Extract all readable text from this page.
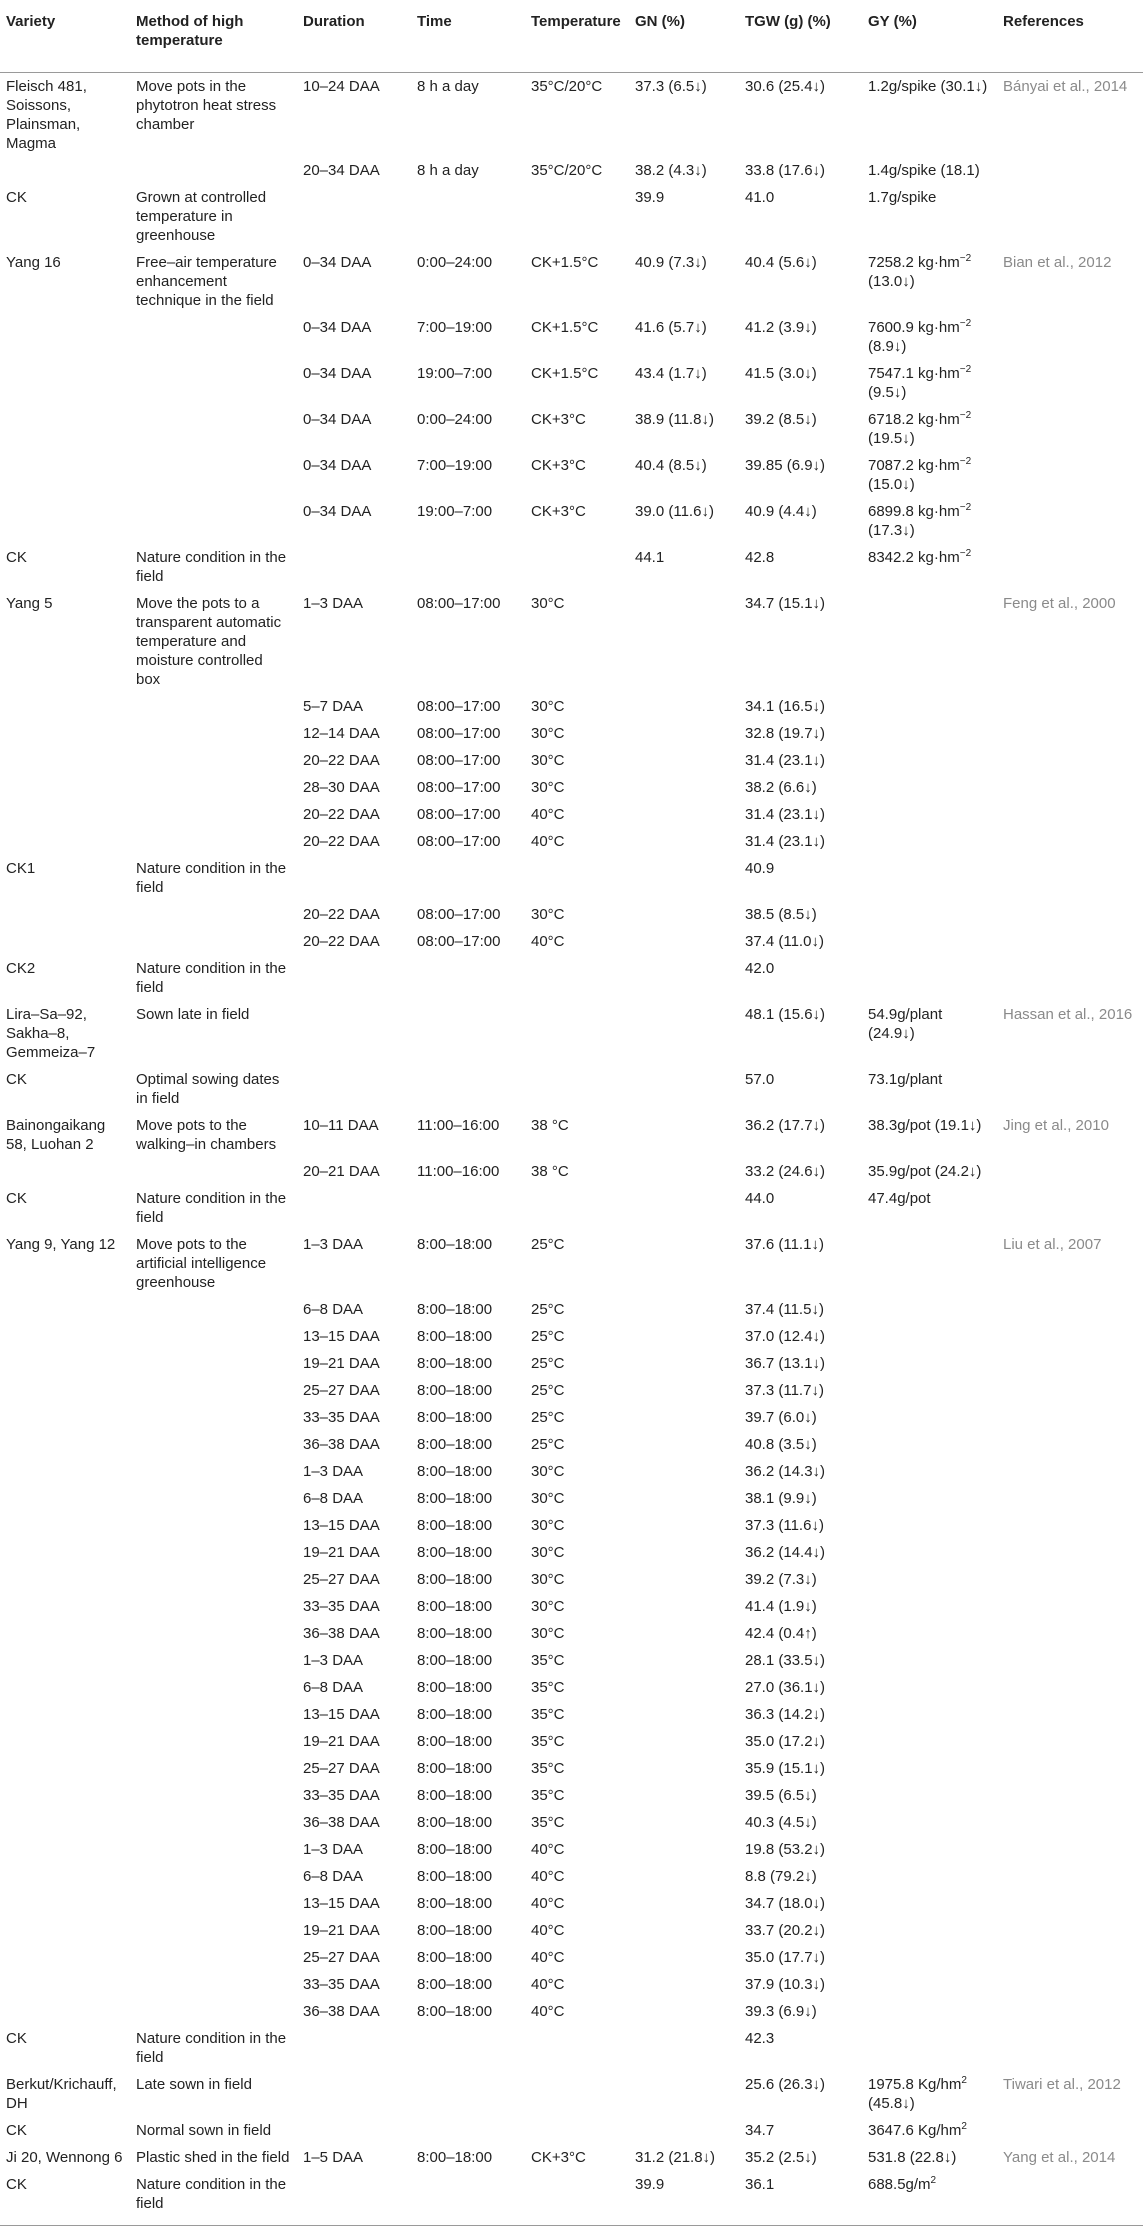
Variety	Method of high temperature	Duration	Time	Temperature	GN (%)	TGW (g) (%)	GY (%)	References
Fleisch 481, Soissons, Plainsman, Magma	Move pots in the phytotron heat stress chamber	10–24 DAA	8 h a day	35°C/20°C	37.3 (6.5↓)	30.6 (25.4↓)	1.2g/spike (30.1↓)	Bányai et al., 2014
		20–34 DAA	8 h a day	35°C/20°C	38.2 (4.3↓)	33.8 (17.6↓)	1.4g/spike (18.1)	
CK	Grown at controlled temperature in greenhouse				39.9	41.0	1.7g/spike	
Yang 16	Free–air temperature enhancement technique in the field	0–34 DAA	0:00–24:00	CK+1.5°C	40.9 (7.3↓)	40.4 (5.6↓)	7258.2 $kg\cdot hm^{-2}$ (13.0↓)	Bian et al., 2012
		0–34 DAA	7:00–19:00	CK+1.5°C	41.6 (5.7↓)	41.2 (3.9↓)	7600.9 $kg\cdot hm^{-2}$ (8.9↓)	
		0–34 DAA	19:00–7:00	CK+1.5°C	43.4 (1.7↓)	41.5 (3.0↓)	7547.1 $kg\cdot hm^{-2}$ (9.5↓)	
		0–34 DAA	0:00–24:00	CK+3°C	38.9 (11.8↓)	39.2 (8.5↓)	6718.2 $kg\cdot hm^{-2}$ (19.5↓)	
		0–34 DAA	7:00–19:00	CK+3°C	40.4 (8.5↓)	39.85 (6.9↓)	7087.2 $kg\cdot hm^{-2}$ (15.0↓)	
		0–34 DAA	19:00–7:00	CK+3°C	39.0 (11.6↓)	40.9 (4.4↓)	6899.8 $kg\cdot hm^{-2}$ (17.3↓)	
CK	Nature condition in the field				44.1	42.8	8342.2 $kg\cdot hm^{-2}$	
Yang 5	Move the pots to a transparent automatic temperature and moisture controlled box	1–3 DAA	08:00–17:00	30°C		34.7 (15.1↓)		Feng et al., 2000
		5–7 DAA	08:00–17:00	30°C		34.1 (16.5↓)		
		12–14 DAA	08:00–17:00	30°C		32.8 (19.7↓)		
		20–22 DAA	08:00–17:00	30°C		31.4 (23.1↓)		
		28–30 DAA	08:00–17:00	30°C		38.2 (6.6↓)		
		20–22 DAA	08:00–17:00	40°C		31.4 (23.1↓)		
		20–22 DAA	08:00–17:00	40°C		31.4 (23.1↓)		
CK1	Nature condition in the field					40.9		
		20–22 DAA	08:00–17:00	30°C		38.5 (8.5↓)		
		20–22 DAA	08:00–17:00	40°C		37.4 (11.0↓)		
CK2	Nature condition in the field					42.0		
Lira–Sa–92, Sakha–8, Gemmeiza–7	Sown late in field					48.1 (15.6↓)	54.9g/plant (24.9↓)	Hassan et al., 2016
CK	Optimal sowing dates in field					57.0	73.1g/plant	
Bainongaikang 58, Luohan 2	Move pots to the walking–in chambers	10–11 DAA	11:00–16:00	38 °C		36.2 (17.7↓)	38.3g/pot (19.1↓)	Jing et al., 2010
		20–21 DAA	11:00–16:00	38 °C		33.2 (24.6↓)	35.9g/pot (24.2↓)	
CK	Nature condition in the field					44.0	47.4g/pot	
Yang 9, Yang 12	Move pots to the artificial intelligence greenhouse	1–3 DAA	8:00–18:00	25°C		37.6 (11.1↓)		Liu et al., 2007
		6–8 DAA	8:00–18:00	25°C		37.4 (11.5↓)		
		13–15 DAA	8:00–18:00	25°C		37.0 (12.4↓)		
		19–21 DAA	8:00–18:00	25°C		36.7 (13.1↓)		
		25–27 DAA	8:00–18:00	25°C		37.3 (11.7↓)		
		33–35 DAA	8:00–18:00	25°C		39.7 (6.0↓)		
		36–38 DAA	8:00–18:00	25°C		40.8 (3.5↓)		
		1–3 DAA	8:00–18:00	30°C		36.2 (14.3↓)		
		6–8 DAA	8:00–18:00	30°C		38.1 (9.9↓)		
		13–15 DAA	8:00–18:00	30°C		37.3 (11.6↓)		
		19–21 DAA	8:00–18:00	30°C		36.2 (14.4↓)		
		25–27 DAA	8:00–18:00	30°C		39.2 (7.3↓)		
		33–35 DAA	8:00–18:00	30°C		41.4 (1.9↓)		
		36–38 DAA	8:00–18:00	30°C		42.4 (0.4↑)		
		1–3 DAA	8:00–18:00	35°C		28.1 (33.5↓)		
		6–8 DAA	8:00–18:00	35°C		27.0 (36.1↓)		
		13–15 DAA	8:00–18:00	35°C		36.3 (14.2↓)		
		19–21 DAA	8:00–18:00	35°C		35.0 (17.2↓)		
		25–27 DAA	8:00–18:00	35°C		35.9 (15.1↓)		
		33–35 DAA	8:00–18:00	35°C		39.5 (6.5↓)		
		36–38 DAA	8:00–18:00	35°C		40.3 (4.5↓)		
		1–3 DAA	8:00–18:00	40°C		19.8 (53.2↓)		
		6–8 DAA	8:00–18:00	40°C		8.8 (79.2↓)		
		13–15 DAA	8:00–18:00	40°C		34.7 (18.0↓)		
		19–21 DAA	8:00–18:00	40°C		33.7 (20.2↓)		
		25–27 DAA	8:00–18:00	40°C		35.0 (17.7↓)		
		33–35 DAA	8:00–18:00	40°C		37.9 (10.3↓)		
		36–38 DAA	8:00–18:00	40°C		39.3 (6.9↓)		
CK	Nature condition in the field					42.3		
Berkut/Krichauff, DH	Late sown in field					25.6 (26.3↓)	1975.8 $Kg/hm^2$ (45.8↓)	Tiwari et al., 2012
CK	Normal sown in field					34.7	3647.6 $Kg/hm^2$	
Ji 20, Wennong 6	Plastic shed in the field	1–5 DAA	8:00–18:00	CK+3°C	31.2 (21.8↓)	35.2 (2.5↓)	531.8 (22.8↓)	Yang et al., 2014
CK	Nature condition in the field				39.9	36.1	$688.5g/m^2$	
